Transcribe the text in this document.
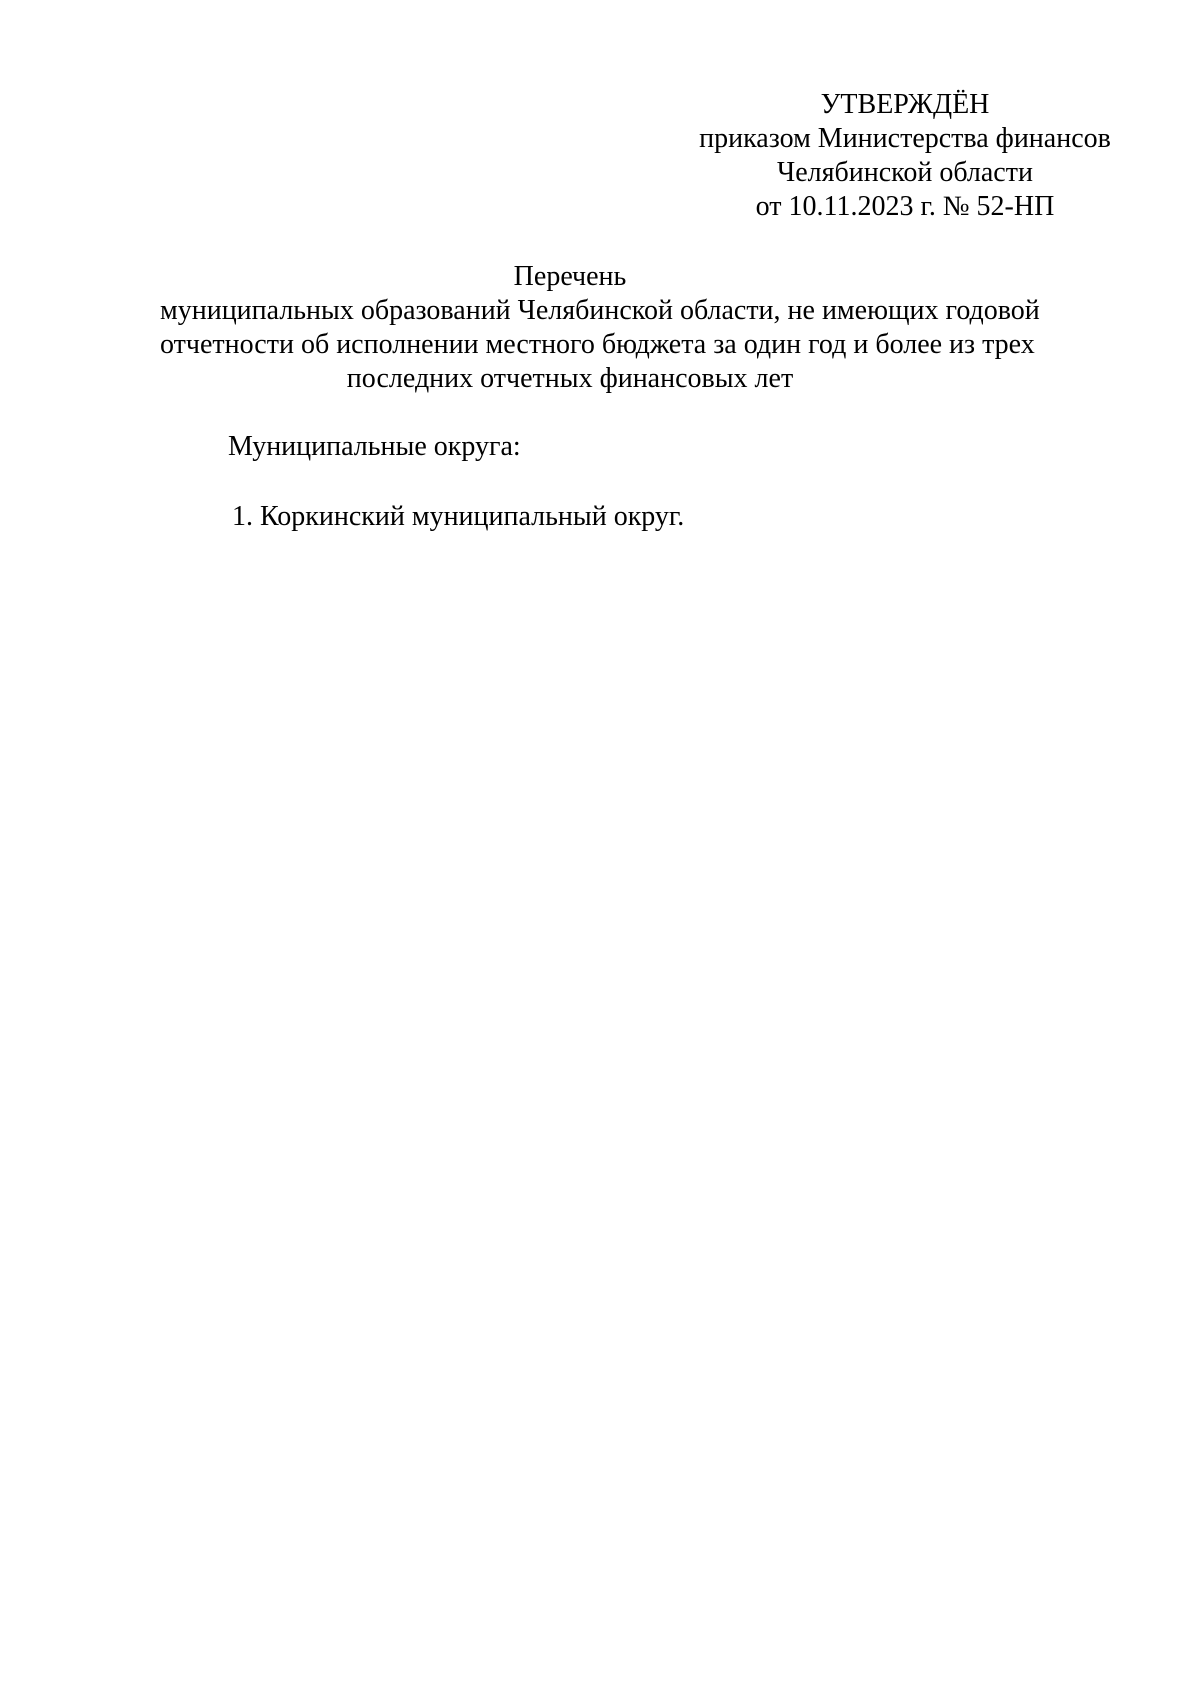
УТВЕРЖДЁН
приказом Министерства финансов
Челябинской области
от 10.11.2023 г. № 52-НП
Перечень
муниципальных образований Челябинской области, не имеющих годовой
отчетности об исполнении местного бюджета за один год и более из трех
последних отчетных финансовых лет
Муниципальные округа:
1. Коркинский муниципальный округ.
